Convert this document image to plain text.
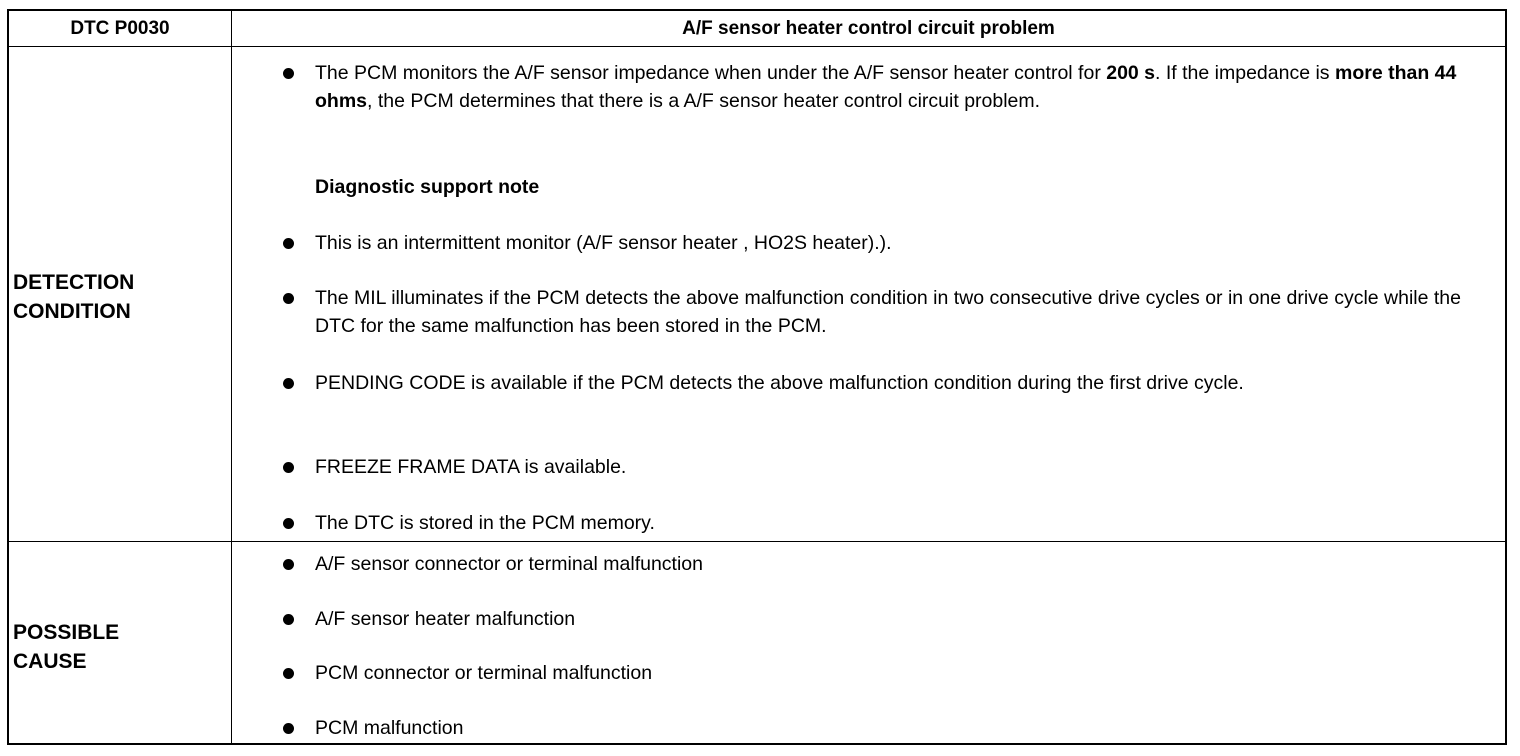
DTC P0030	A/F sensor heater control circuit problem
DETECTION
CONDITION
The PCM monitors the A/F sensor impedance when under the A/F sensor heater control for 200 s. If the impedance is more than 44 ohms, the PCM determines that there is a A/F sensor heater control circuit problem.
Diagnostic support note
This is an intermittent monitor (A/F sensor heater , HO2S heater).).
The MIL illuminates if the PCM detects the above malfunction condition in two consecutive drive cycles or in one drive cycle while the DTC for the same malfunction has been stored in the PCM.
PENDING CODE is available if the PCM detects the above malfunction condition during the first drive cycle.
FREEZE FRAME DATA is available.
The DTC is stored in the PCM memory.
POSSIBLE
CAUSE
A/F sensor connector or terminal malfunction
A/F sensor heater malfunction
PCM connector or terminal malfunction
PCM malfunction
